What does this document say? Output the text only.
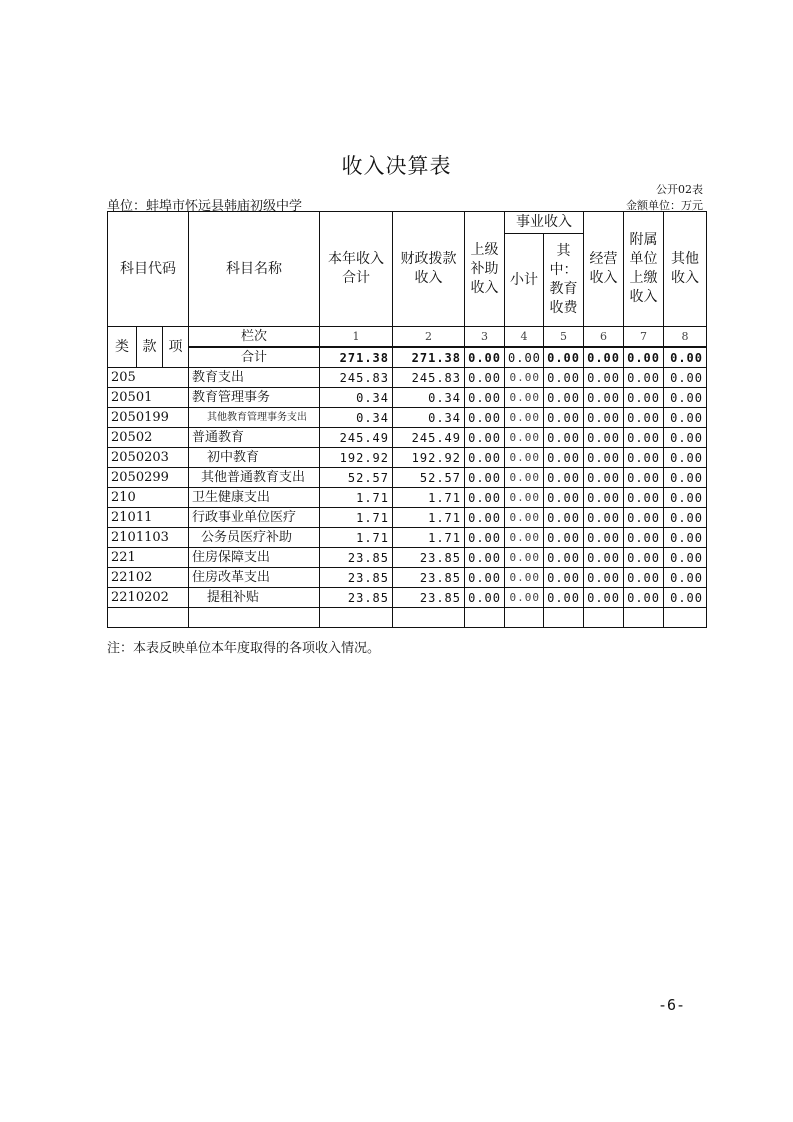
收入决算表
公开02表
单位：蚌埠市怀远县韩庙初级中学	金额单位：万元
科目代码			科目名称	本年收入合计	财政拨款收入	上级补助收入	事业收入		经营收入	附属单位上缴收入	其他收入
							小计	其中：教育收费			
类	款	项	栏次	1	2	3	4	5	6	7	8
			合计	271.38	271.38	0.00	0.00	0.00	0.00	0.00	0.00
205			教育支出	245.83	245.83	0.00	0.00	0.00	0.00	0.00	0.00
20501			教育管理事务	0.34	0.34	0.00	0.00	0.00	0.00	0.00	0.00
2050199			其他教育管理事务支出	0.34	0.34	0.00	0.00	0.00	0.00	0.00	0.00
20502			普通教育	245.49	245.49	0.00	0.00	0.00	0.00	0.00	0.00
2050203			初中教育	192.92	192.92	0.00	0.00	0.00	0.00	0.00	0.00
2050299			其他普通教育支出	52.57	52.57	0.00	0.00	0.00	0.00	0.00	0.00
210			卫生健康支出	1.71	1.71	0.00	0.00	0.00	0.00	0.00	0.00
21011			行政事业单位医疗	1.71	1.71	0.00	0.00	0.00	0.00	0.00	0.00
2101103			公务员医疗补助	1.71	1.71	0.00	0.00	0.00	0.00	0.00	0.00
221			住房保障支出	23.85	23.85	0.00	0.00	0.00	0.00	0.00	0.00
22102			住房改革支出	23.85	23.85	0.00	0.00	0.00	0.00	0.00	0.00
2210202			提租补贴	23.85	23.85	0.00	0.00	0.00	0.00	0.00	0.00

注：本表反映单位本年度取得的各项收入情况。
-6-
